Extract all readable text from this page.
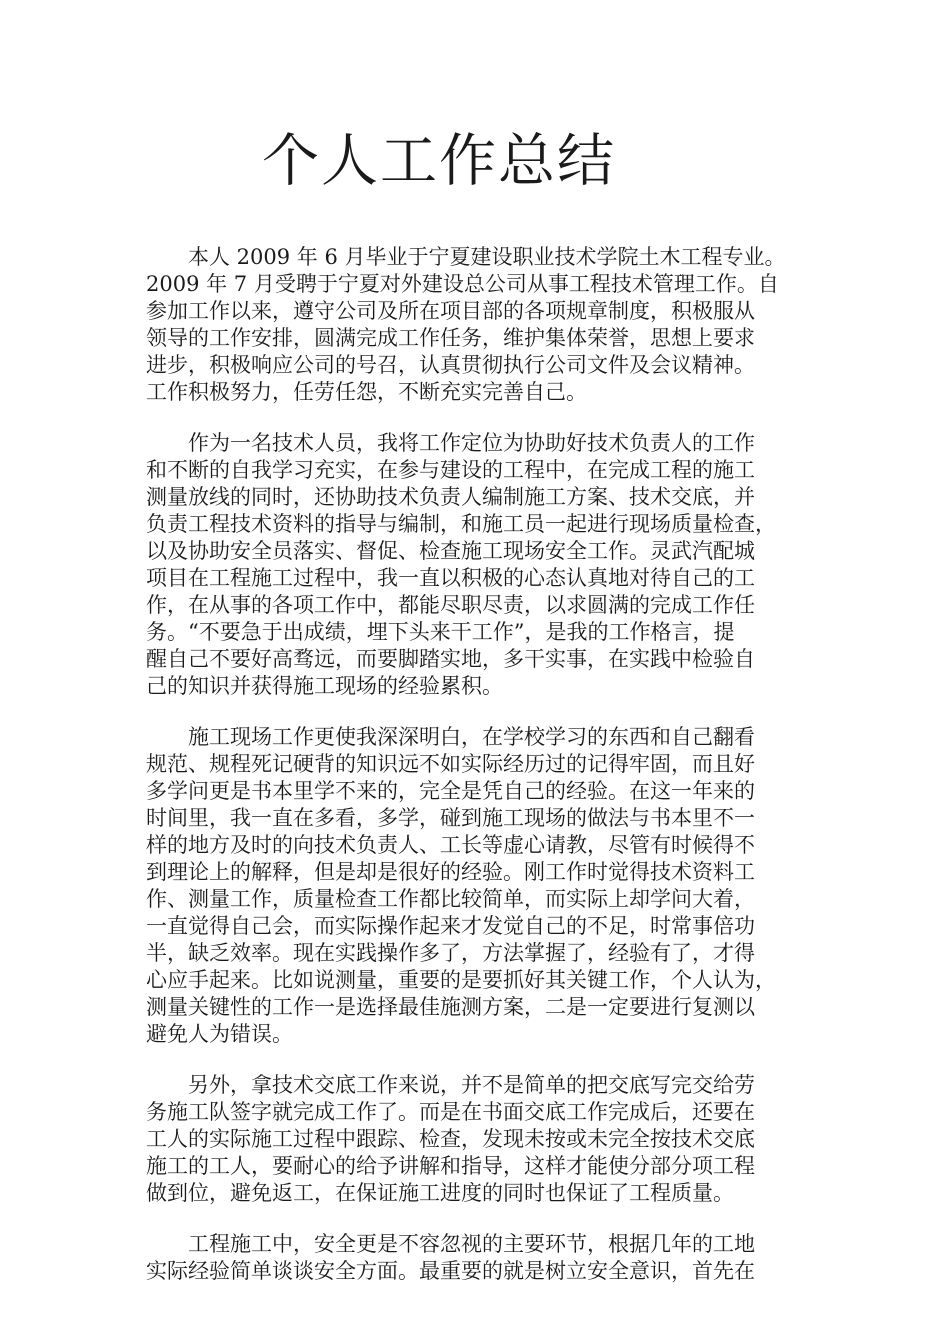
个人工作总结
本人 2009 年 6 月毕业于宁夏建设职业技术学院土木工程专业。
2009 年 7 月受聘于宁夏对外建设总公司从事工程技术管理工作。自
参加工作以来，遵守公司及所在项目部的各项规章制度，积极服从
领导的工作安排，圆满完成工作任务，维护集体荣誉，思想上要求
进步，积极响应公司的号召，认真贯彻执行公司文件及会议精神。
工作积极努力，任劳任怨，不断充实完善自己。
作为一名技术人员，我将工作定位为协助好技术负责人的工作
和不断的自我学习充实，在参与建设的工程中，在完成工程的施工
测量放线的同时，还协助技术负责人编制施工方案、技术交底，并
负责工程技术资料的指导与编制，和施工员一起进行现场质量检查，
以及协助安全员落实、督促、检查施工现场安全工作。灵武汽配城
项目在工程施工过程中，我一直以积极的心态认真地对待自己的工
作，在从事的各项工作中，都能尽职尽责，以求圆满的完成工作任
务。“不要急于出成绩，埋下头来干工作”，是我的工作格言，提
醒自己不要好高骛远，而要脚踏实地，多干实事，在实践中检验自
己的知识并获得施工现场的经验累积。
施工现场工作更使我深深明白，在学校学习的东西和自己翻看
规范、规程死记硬背的知识远不如实际经历过的记得牢固，而且好
多学问更是书本里学不来的，完全是凭自己的经验。在这一年来的
时间里，我一直在多看，多学，碰到施工现场的做法与书本里不一
样的地方及时的向技术负责人、工长等虚心请教，尽管有时候得不
到理论上的解释，但是却是很好的经验。刚工作时觉得技术资料工
作、测量工作，质量检查工作都比较简单，而实际上却学问大着，
一直觉得自己会，而实际操作起来才发觉自己的不足，时常事倍功
半，缺乏效率。现在实践操作多了，方法掌握了，经验有了，才得
心应手起来。比如说测量，重要的是要抓好其关键工作，个人认为，
测量关键性的工作一是选择最佳施测方案，二是一定要进行复测以
避免人为错误。
另外，拿技术交底工作来说，并不是简单的把交底写完交给劳
务施工队签字就完成工作了。而是在书面交底工作完成后，还要在
工人的实际施工过程中跟踪、检查，发现未按或未完全按技术交底
施工的工人，要耐心的给予讲解和指导，这样才能使分部分项工程
做到位，避免返工，在保证施工进度的同时也保证了工程质量。
工程施工中，安全更是不容忽视的主要环节，根据几年的工地
实际经验简单谈谈安全方面。最重要的就是树立安全意识，首先在
